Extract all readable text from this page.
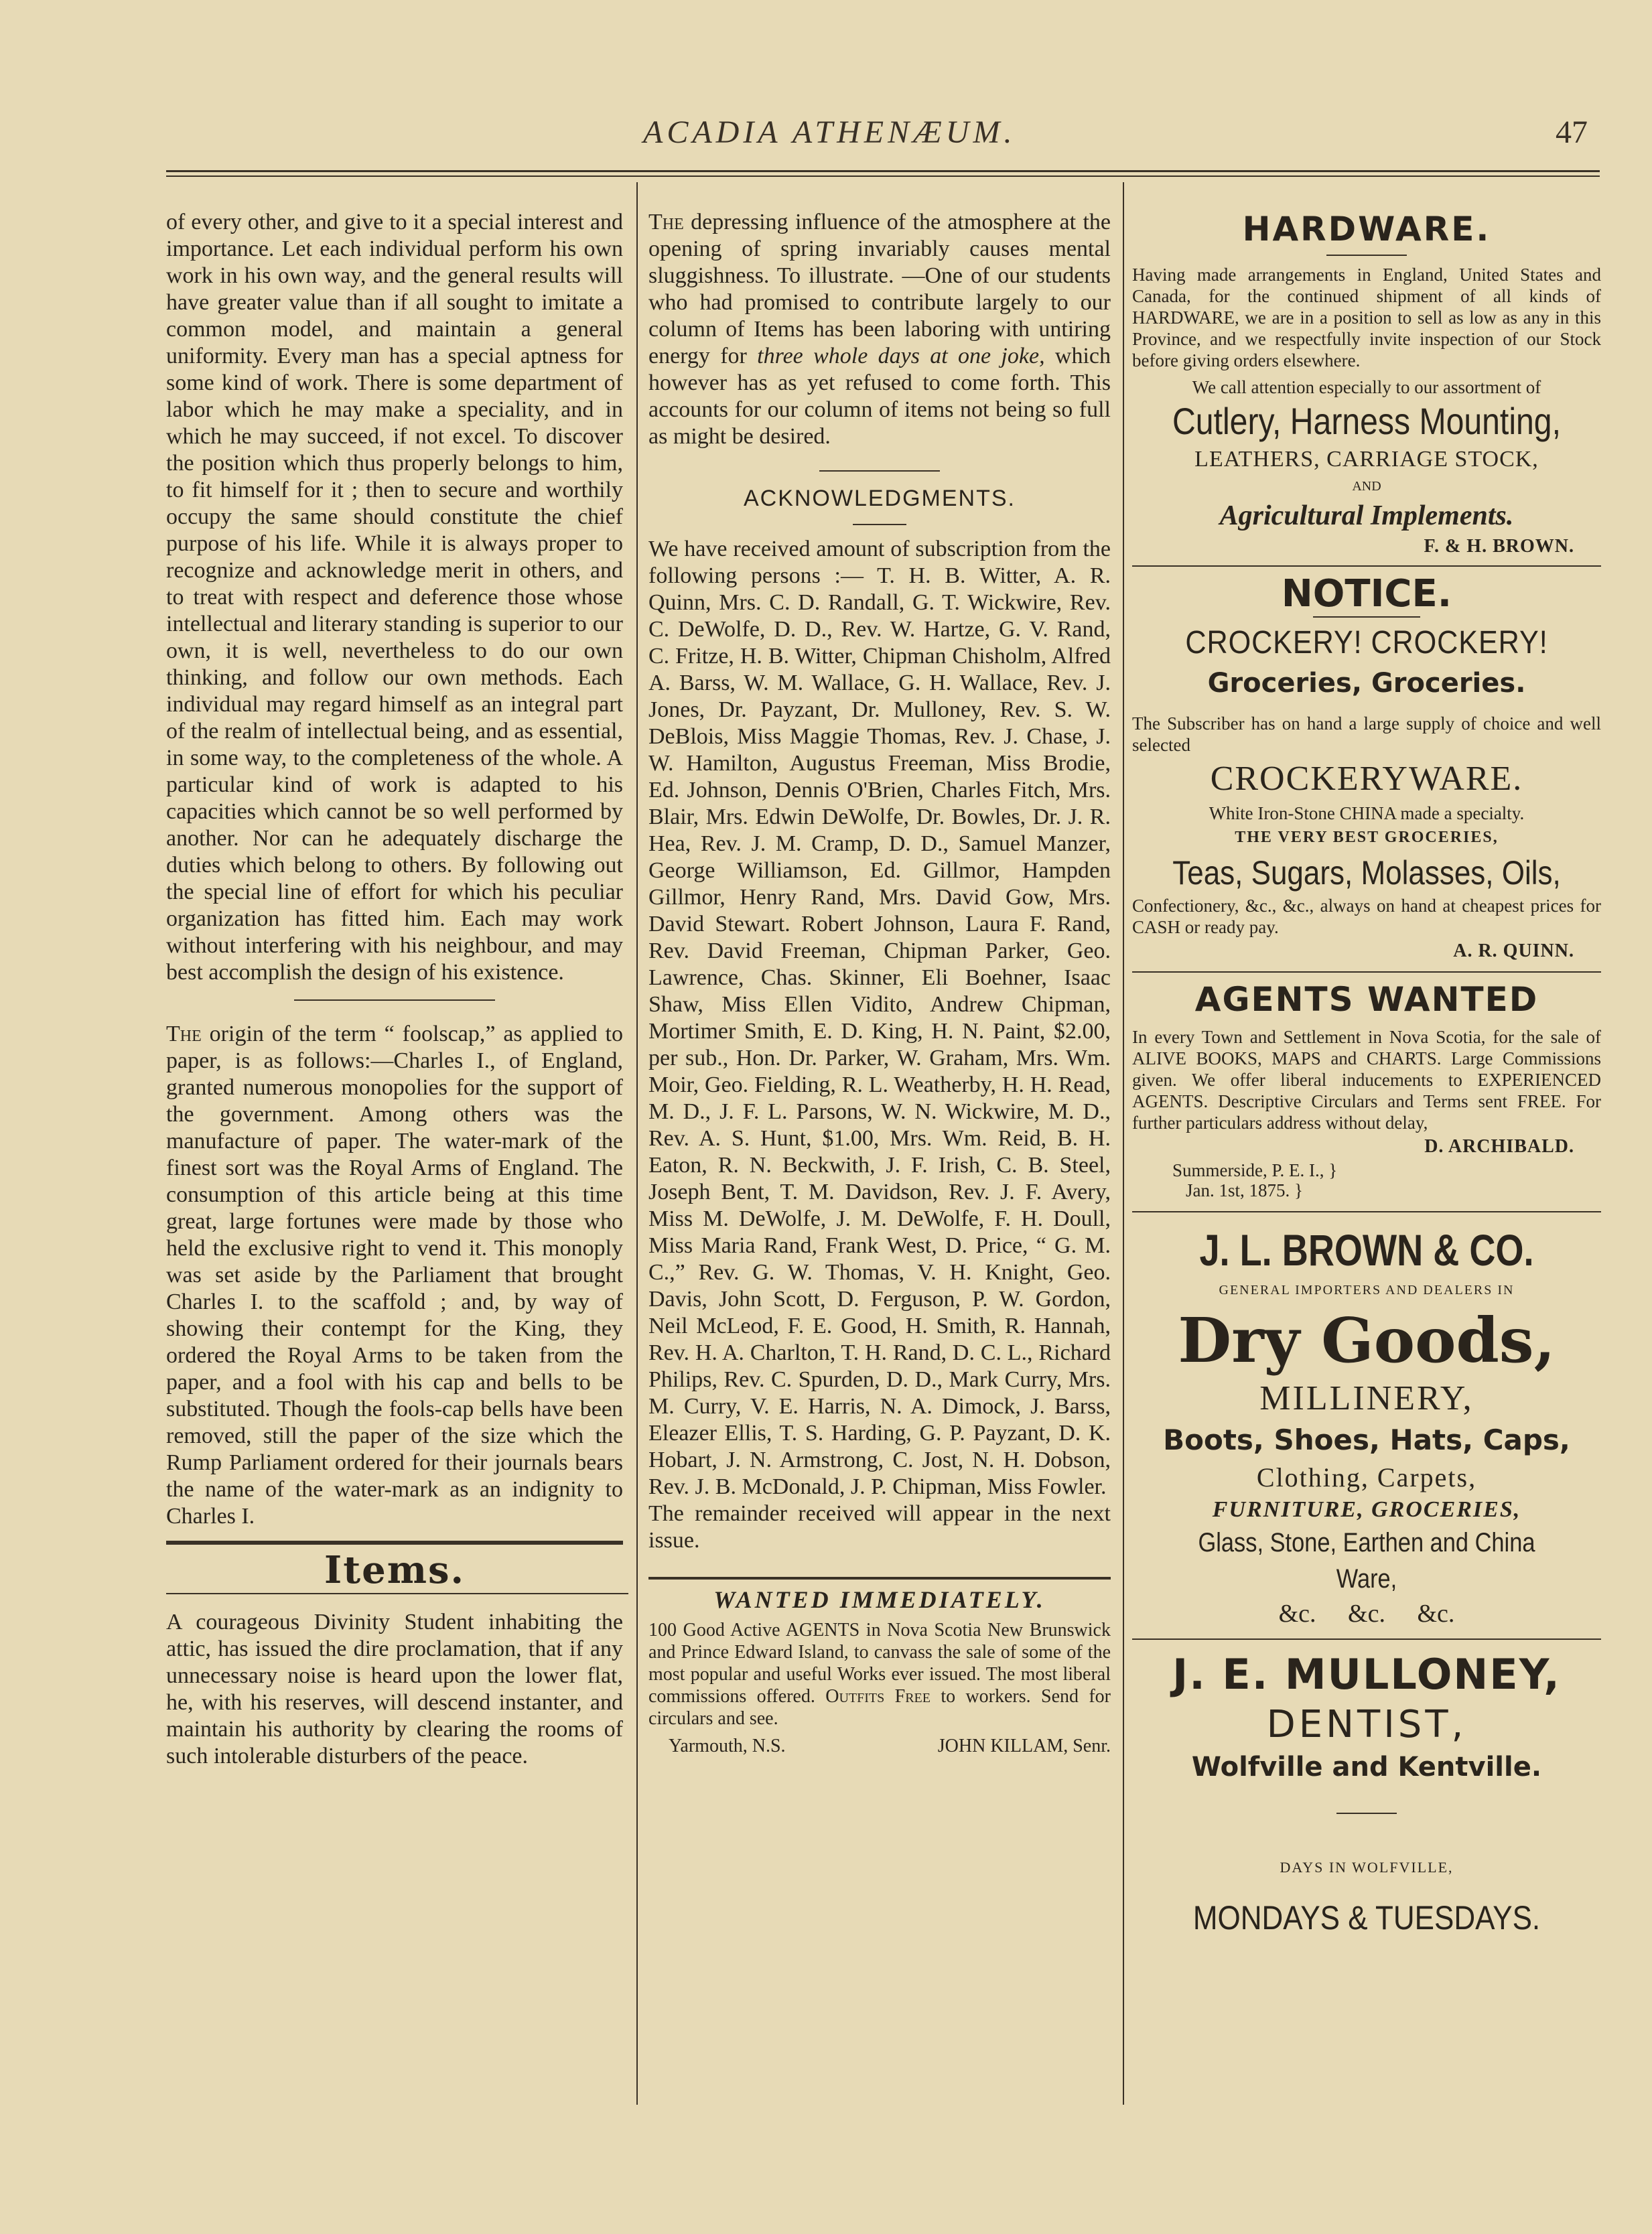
ACADIA ATHENÆUM.	47

of every other, and give to it a special interest and importance. Let each individual perform his own work in his own way, and the general results will have greater value than if all sought to imitate a common model, and maintain a general uniformity. Every man has a special aptness for some kind of work. There is some department of labor which he may make a speciality, and in which he may succeed, if not excel. To discover the position which thus properly belongs to him, to fit himself for it ; then to secure and worthily occupy the same should constitute the chief purpose of his life. While it is always proper to recognize and acknowledge merit in others, and to treat with respect and deference those whose intellectual and literary standing is superior to our own, it is well, nevertheless to do our own thinking, and follow our own methods. Each individual may regard himself as an integral part of the realm of intellectual being, and as essential, in some way, to the completeness of the whole. A particular kind of work is adapted to his capacities which cannot be so well performed by another. Nor can he adequately discharge the duties which belong to others. By following out the special line of effort for which his peculiar organization has fitted him. Each may work without interfering with his neighbour, and may best accomplish the design of his existence.

The origin of the term “ foolscap,” as applied to paper, is as follows:—Charles I., of England, granted numerous monopolies for the support of the government. Among others was the manufacture of paper. The water-mark of the finest sort was the Royal Arms of England. The consumption of this article being at this time great, large fortunes were made by those who held the exclusive right to vend it. This monoply was set aside by the Parliament that brought Charles I. to the scaffold ; and, by way of showing their contempt for the King, they ordered the Royal Arms to be taken from the paper, and a fool with his cap and bells to be substituted. Though the fools-cap bells have been removed, still the paper of the size which the Rump Parliament ordered for their journals bears the name of the water-mark as an indignity to Charles I.

Items.

A courageous Divinity Student inhabiting the attic, has issued the dire proclamation, that if any unnecessary noise is heard upon the lower flat, he, with his reserves, will descend instanter, and maintain his authority by clearing the rooms of such intolerable disturbers of the peace.

The depressing influence of the atmosphere at the opening of spring invariably causes mental sluggishness. To illustrate. —One of our students who had promised to contribute largely to our column of Items has been laboring with untiring energy for three whole days at one joke, which however has as yet refused to come forth. This accounts for our column of items not being so full as might be desired.

ACKNOWLEDGMENTS.

We have received amount of subscription from the following persons :— T. H. B. Witter, A. R. Quinn, Mrs. C. D. Randall, G. T. Wickwire, Rev. C. DeWolfe, D. D., Rev. W. Hartze, G. V. Rand, C. Fritze, H. B. Witter, Chipman Chisholm, Alfred A. Barss, W. M. Wallace, G. H. Wallace, Rev. J. Jones, Dr. Payzant, Dr. Mulloney, Rev. S. W. DeBlois, Miss Maggie Thomas, Rev. J. Chase, J. W. Hamilton, Augustus Freeman, Miss Brodie, Ed. Johnson, Dennis O'Brien, Charles Fitch, Mrs. Blair, Mrs. Edwin DeWolfe, Dr. Bowles, Dr. J. R. Hea, Rev. J. M. Cramp, D. D., Samuel Manzer, George Williamson, Ed. Gillmor, Hampden Gillmor, Henry Rand, Mrs. David Gow, Mrs. David Stewart. Robert Johnson, Laura F. Rand, Rev. David Freeman, Chipman Parker, Geo. Lawrence, Chas. Skinner, Eli Boehner, Isaac Shaw, Miss Ellen Vidito, Andrew Chipman, Mortimer Smith, E. D. King, H. N. Paint, $2.00, per sub., Hon. Dr. Parker, W. Graham, Mrs. Wm. Moir, Geo. Fielding, R. L. Weatherby, H. H. Read, M. D., J. F. L. Parsons, W. N. Wickwire, M. D., Rev. A. S. Hunt, $1.00, Mrs. Wm. Reid, B. H. Eaton, R. N. Beckwith, J. F. Irish, C. B. Steel, Joseph Bent, T. M. Davidson, Rev. J. F. Avery, Miss M. DeWolfe, J. M. DeWolfe, F. H. Doull, Miss Maria Rand, Frank West, D. Price, “ G. M. C.,” Rev. G. W. Thomas, V. H. Knight, Geo. Davis, John Scott, D. Ferguson, P. W. Gordon, Neil McLeod, F. E. Good, H. Smith, R. Hannah, Rev. H. A. Charlton, T. H. Rand, D. C. L., Richard Philips, Rev. C. Spurden, D. D., Mark Curry, Mrs. M. Curry, V. E. Harris, N. A. Dimock, J. Barss, Eleazer Ellis, T. S. Harding, G. P. Payzant, D. K. Hobart, J. N. Armstrong, C. Jost, N. H. Dobson, Rev. J. B. McDonald, J. P. Chipman, Miss Fowler.

The remainder received will appear in the next issue.

WANTED IMMEDIATELY.

100 Good Active AGENTS in Nova Scotia New Brunswick and Prince Edward Island, to canvass the sale of some of the most popular and useful Works ever issued. The most liberal commissions offered. Outfits Free to workers. Send for circulars and see.

Yarmouth, N.S.	JOHN KILLAM, Senr.

HARDWARE.

Having made arrangements in England, United States and Canada, for the continued shipment of all kinds of HARDWARE, we are in a position to sell as low as any in this Province, and we respectfully invite inspection of our Stock before giving orders elsewhere.

We call attention especially to our assortment of

Cutlery, Harness Mounting,

LEATHERS, CARRIAGE STOCK,

AND

Agricultural Implements.

F. & H. BROWN.

NOTICE.

CROCKERY! CROCKERY!

Groceries, Groceries.

The Subscriber has on hand a large supply of choice and well selected

CROCKERYWARE.

White Iron-Stone CHINA made a specialty.

THE VERY BEST GROCERIES,

Teas, Sugars, Molasses, Oils,

Confectionery, &c., &c., always on hand at cheapest prices for CASH or ready pay.

A. R. QUINN.

AGENTS WANTED

In every Town and Settlement in Nova Scotia, for the sale of ALIVE BOOKS, MAPS and CHARTS. Large Commissions given. We offer liberal inducements to EXPERIENCED AGENTS. Descriptive Circulars and Terms sent FREE. For further particulars address without delay,

D. ARCHIBALD.

Summerside, P. E. I., }
Jan. 1st, 1875. }

J. L. BROWN & CO.

GENERAL IMPORTERS AND DEALERS IN

Dry Goods,

MILLINERY,

Boots, Shoes, Hats, Caps,

Clothing, Carpets,

FURNITURE, GROCERIES,

Glass, Stone, Earthen and China Ware,

&c.     &c.     &c.

J. E. MULLONEY,

DENTIST,

Wolfville and Kentville.

DAYS IN WOLFVILLE,

MONDAYS & TUESDAYS.
